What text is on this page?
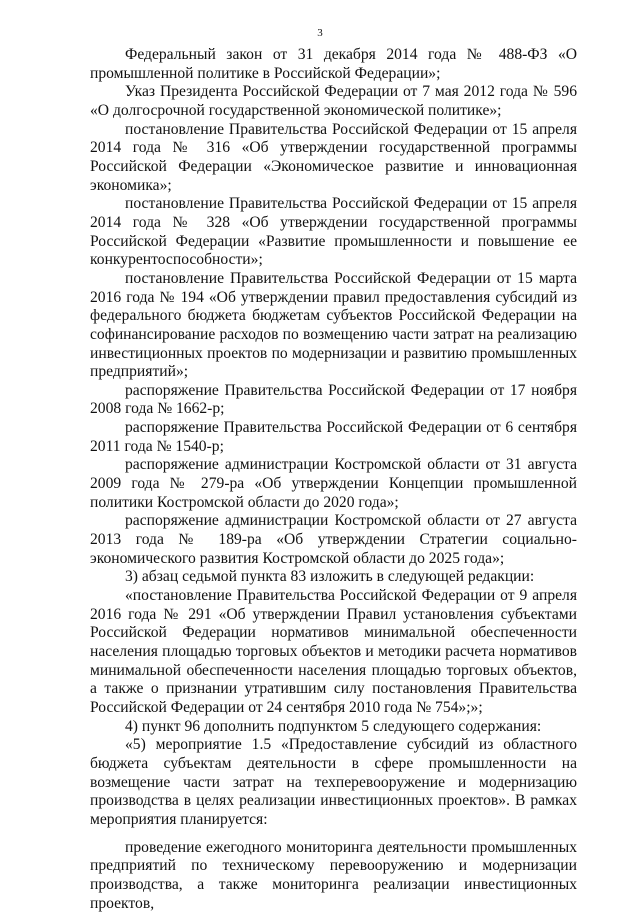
3

Федеральный закон от 31 декабря 2014 года № 488-ФЗ «О промышленной политике в Российской Федерации»;

Указ Президента Российской Федерации от 7 мая 2012 года № 596 «О долгосрочной государственной экономической политике»;

постановление Правительства Российской Федерации от 15 апреля 2014 года № 316 «Об утверждении государственной программы Российской Федерации «Экономическое развитие и инновационная экономика»;

постановление Правительства Российской Федерации от 15 апреля 2014 года № 328 «Об утверждении государственной программы Российской Федерации «Развитие промышленности и повышение ее конкурентоспособности»;

постановление Правительства Российской Федерации от 15 марта 2016 года № 194 «Об утверждении правил предоставления субсидий из федерального бюджета бюджетам субъектов Российской Федерации на софинансирование расходов по возмещению части затрат на реализацию инвестиционных проектов по модернизации и развитию промышленных предприятий»;

распоряжение Правительства Российской Федерации от 17 ноября 2008 года № 1662-р;

распоряжение Правительства Российской Федерации от 6 сентября 2011 года № 1540-р;

распоряжение администрации Костромской области от 31 августа 2009 года № 279-ра «Об утверждении Концепции промышленной политики Костромской области до 2020 года»;

распоряжение администрации Костромской области от 27 августа 2013 года № 189-ра «Об утверждении Стратегии социально-экономического развития Костромской области до 2025 года»;

3) абзац седьмой пункта 83 изложить в следующей редакции:

«постановление Правительства Российской Федерации от 9 апреля 2016 года № 291 «Об утверждении Правил установления субъектами Российской Федерации нормативов минимальной обеспеченности населения площадью торговых объектов и методики расчета нормативов минимальной обеспеченности населения площадью торговых объектов, а также о признании утратившим силу постановления Правительства Российской Федерации от 24 сентября 2010 года № 754»;»;

4) пункт 96 дополнить подпунктом 5 следующего содержания:

«5) мероприятие 1.5 «Предоставление субсидий из областного бюджета субъектам деятельности в сфере промышленности на возмещение части затрат на техперевооружение и модернизацию производства в целях реализации инвестиционных проектов». В рамках мероприятия планируется:

проведение ежегодного мониторинга деятельности промышленных предприятий по техническому перевооружению и модернизации производства, а также мониторинга реализации инвестиционных проектов,
